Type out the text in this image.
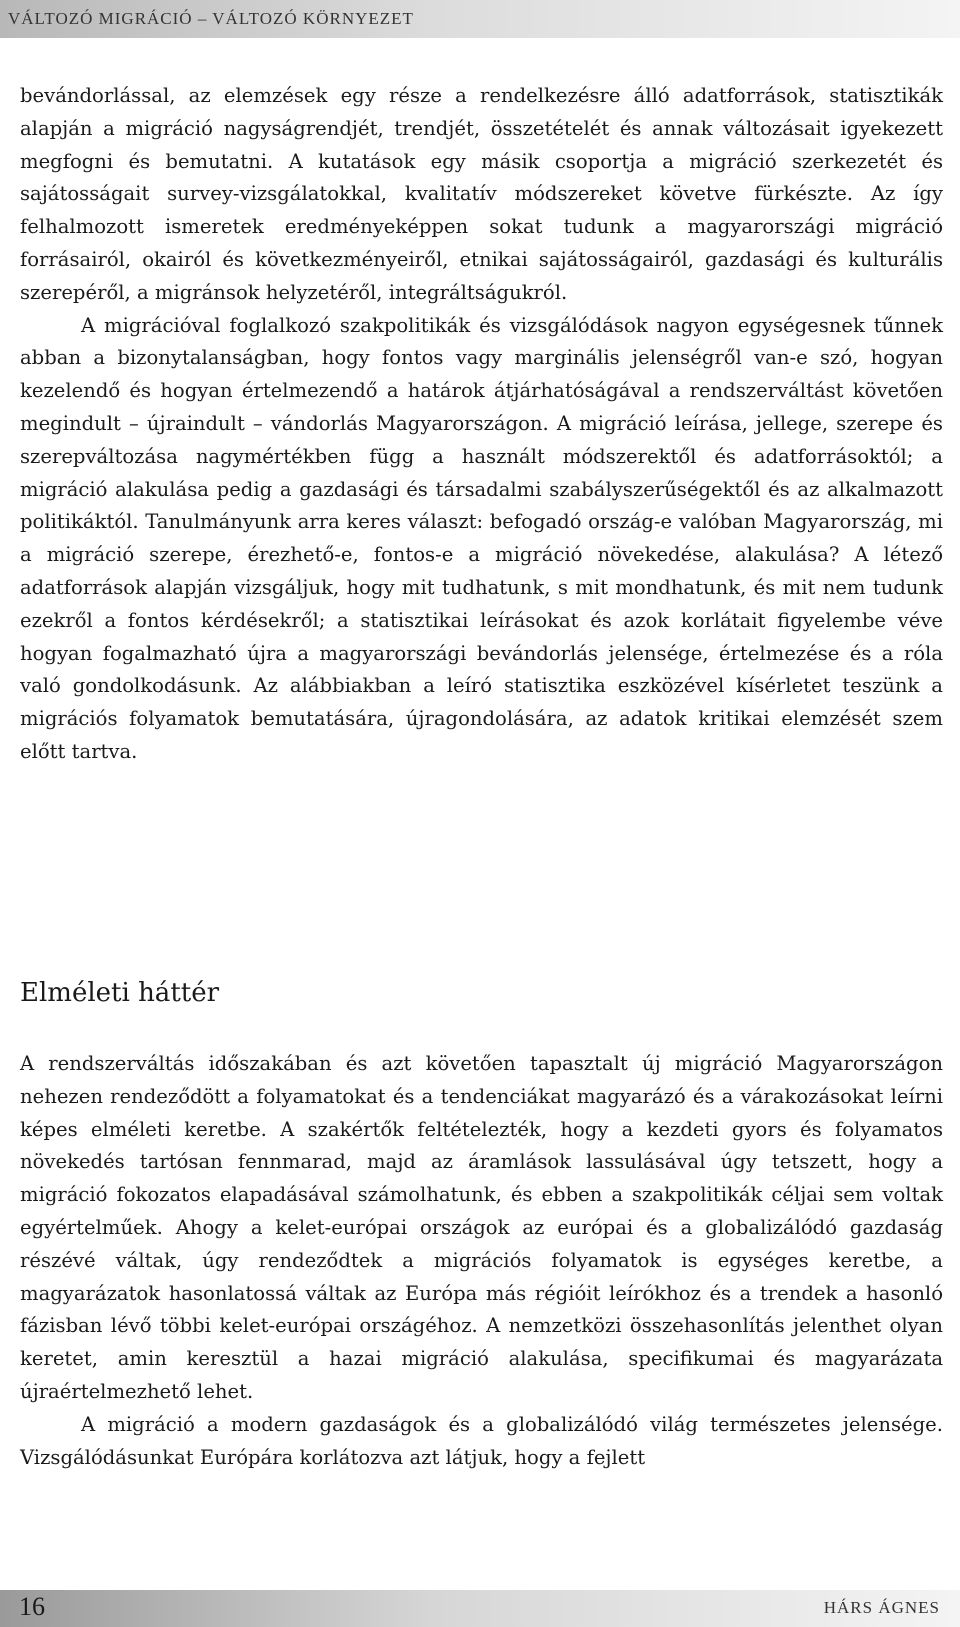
VÁLTOZÓ MIGRÁCIÓ – VÁLTOZÓ KÖRNYEZET

bevándorlással, az elemzések egy része a rendelkezésre álló adatforrások, statisztikák alapján a migráció nagyságrendjét, trendjét, összetételét és annak változásait igyekezett megfogni és bemutatni. A kutatások egy másik csoportja a migráció szerkezetét és sajátosságait survey-vizsgálatokkal, kvalitatív módszereket követve fürkészte. Az így felhalmozott ismeretek eredményeképpen sokat tudunk a magyarországi migráció forrásairól, okairól és következményeiről, etnikai sajátosságairól, gazdasági és kulturális szerepéről, a migránsok helyzetéről, integráltságukról.

A migrációval foglalkozó szakpolitikák és vizsgálódások nagyon egységesnek tűnnek abban a bizonytalanságban, hogy fontos vagy marginális jelenségről van-e szó, hogyan kezelendő és hogyan értelmezendő a határok átjárhatóságával a rendszerváltást követően megindult – újraindult – vándorlás Magyarországon. A migráció leírása, jellege, szerepe és szerepváltozása nagymértékben függ a használt módszerektől és adatforrásoktól; a migráció alakulása pedig a gazdasági és társadalmi szabályszerűségektől és az alkalmazott politikáktól. Tanulmányunk arra keres választ: befogadó ország-e valóban Magyarország, mi a migráció szerepe, érezhető-e, fontos-e a migráció növekedése, alakulása? A létező adatforrások alapján vizsgáljuk, hogy mit tudhatunk, s mit mondhatunk, és mit nem tudunk ezekről a fontos kérdésekről; a statisztikai leírásokat és azok korlátait figyelembe véve hogyan fogalmazható újra a magyarországi bevándorlás jelensége, értelmezése és a róla való gondolkodásunk. Az alábbiakban a leíró statisztika eszközével kísérletet teszünk a migrációs folyamatok bemutatására, újragondolására, az adatok kritikai elemzését szem előtt tartva.

Elméleti háttér

A rendszerváltás időszakában és azt követően tapasztalt új migráció Magyarországon nehezen rendeződött a folyamatokat és a tendenciákat magyarázó és a várakozásokat leírni képes elméleti keretbe. A szakértők feltételezték, hogy a kezdeti gyors és folyamatos növekedés tartósan fennmarad, majd az áramlások lassulásával úgy tetszett, hogy a migráció fokozatos elapadásával számolhatunk, és ebben a szakpolitikák céljai sem voltak egyértelműek. Ahogy a kelet-európai országok az európai és a globalizálódó gazdaság részévé váltak, úgy rendeződtek a migrációs folyamatok is egységes keretbe, a magyarázatok hasonlatossá váltak az Európa más régióit leírókhoz és a trendek a hasonló fázisban lévő többi kelet-európai országéhoz. A nemzetközi összehasonlítás jelenthet olyan keretet, amin keresztül a hazai migráció alakulása, specifikumai és magyarázata újraértelmezhető lehet.

A migráció a modern gazdaságok és a globalizálódó világ természetes jelensége. Vizsgálódásunkat Európára korlátozva azt látjuk, hogy a fejlett

16	HÁRS ÁGNES
